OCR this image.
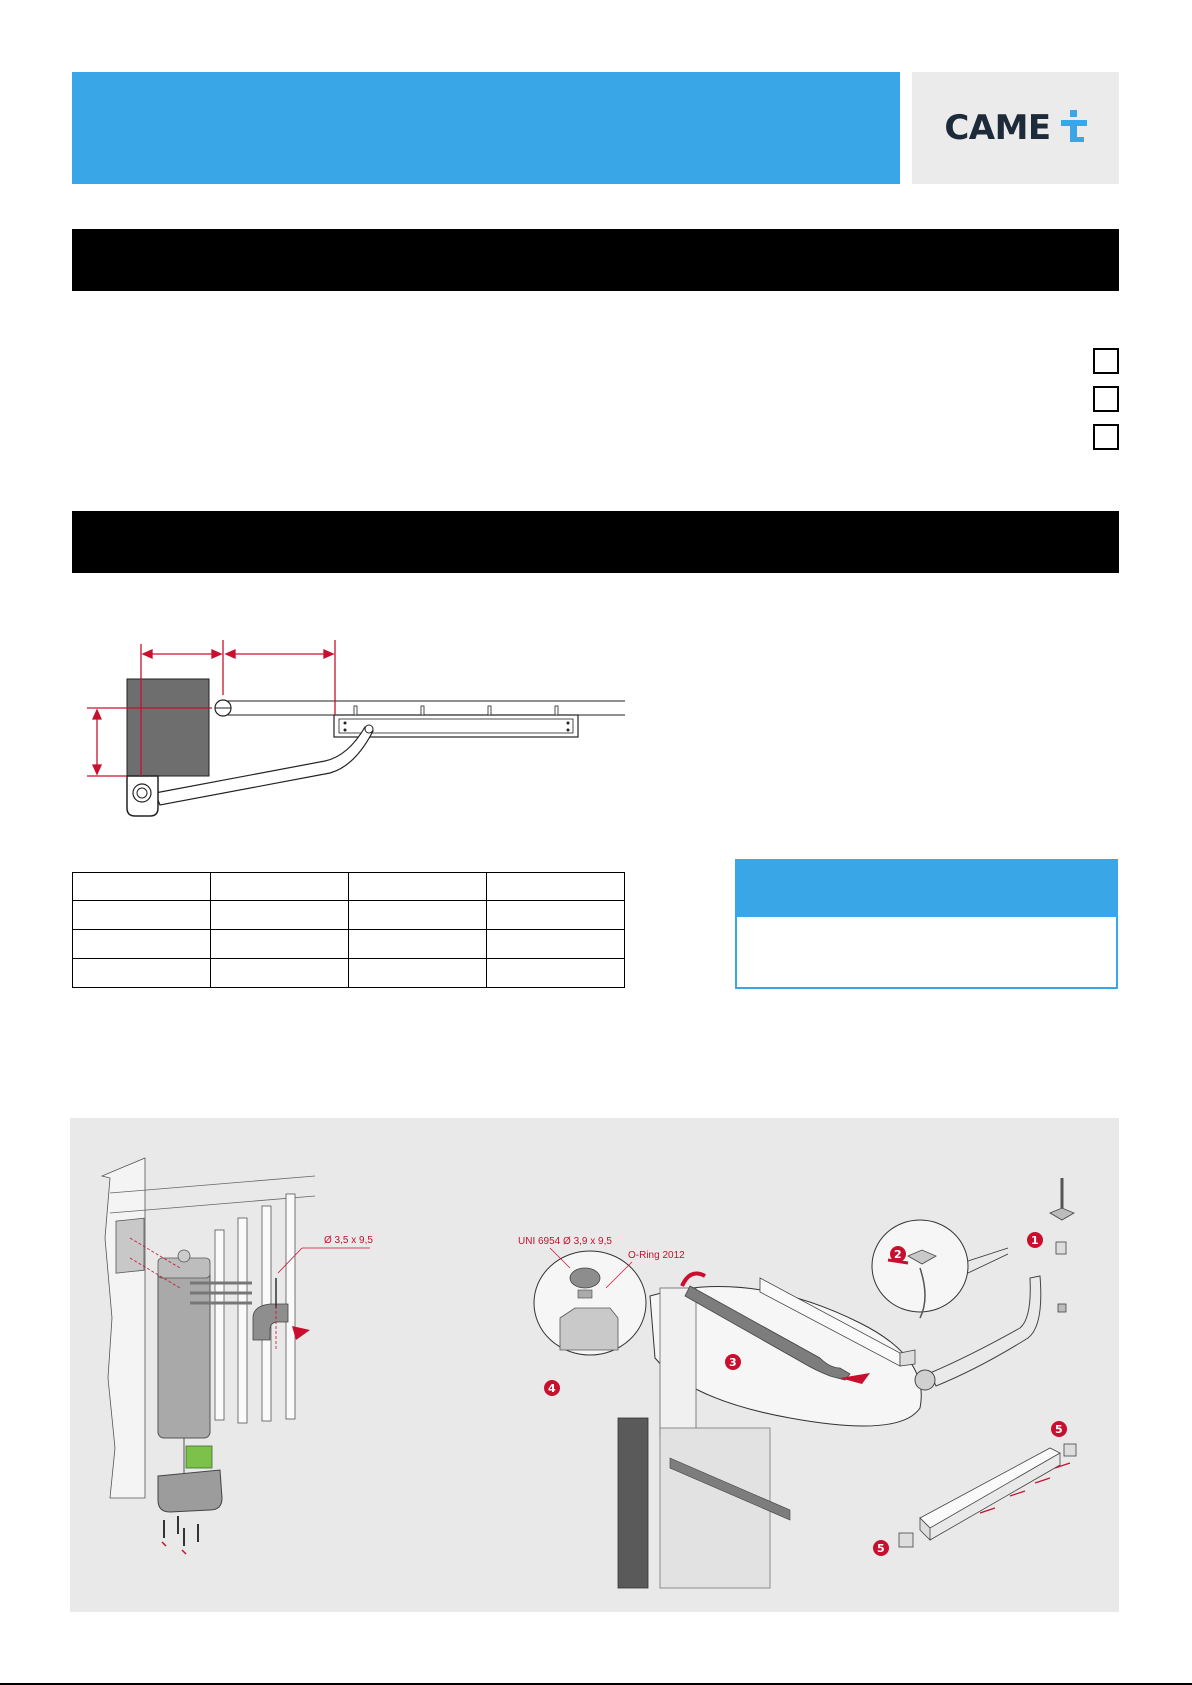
CAME

Ø 3,5 x 9,5	UNI 6954 Ø 3,9 x 9,5
O-Ring 2012
1
2
3
4
5
5
